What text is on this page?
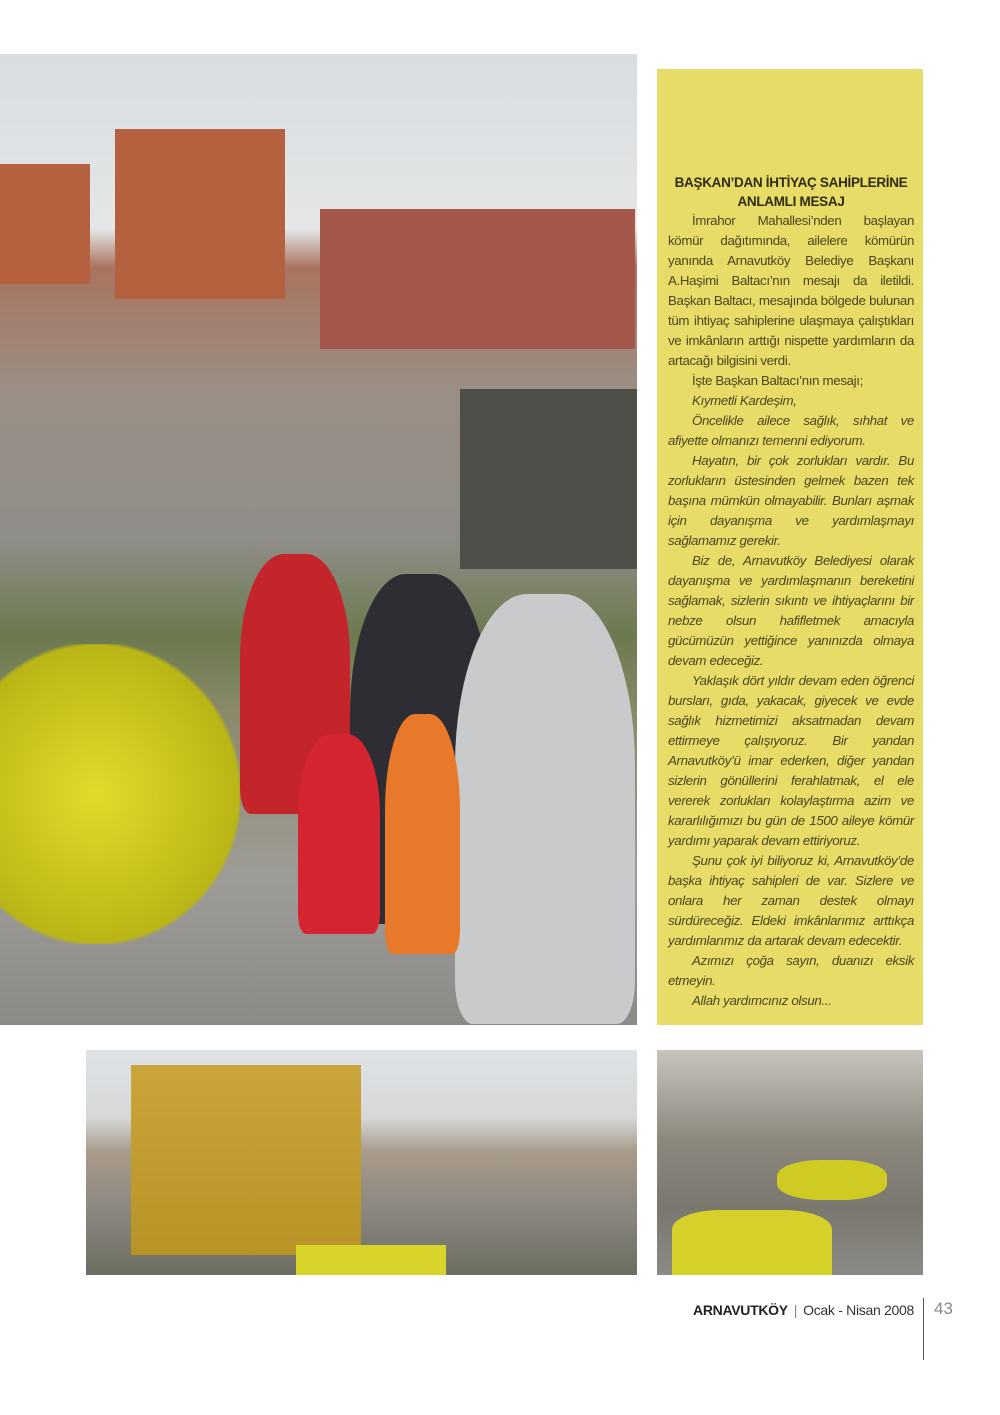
BAŞKAN’DAN İHTİYAÇ SAHİPLERİNE ANLAMLI MESAJ

İmrahor Mahallesi’nden başlayan kömür dağıtımında, ailelere kömürün yanında Arnavutköy Belediye Başkanı A.Haşimi Baltacı’nın mesajı da iletildi. Başkan Baltacı, mesajında bölgede bulunan tüm ihtiyaç sahiplerine ulaşmaya çalıştıkları ve imkânların arttığı nispette yardımların da artacağı bilgisini verdi.

İşte Başkan Baltacı’nın mesajı;

Kıymetli Kardeşim,

Öncelikle ailece sağlık, sıhhat ve afiyette olmanızı temenni ediyorum.

Hayatın, bir çok zorlukları vardır. Bu zorlukların üstesinden gelmek bazen tek başına mümkün olmayabilir. Bunları aşmak için dayanışma ve yardımlaşmayı sağlamamız gerekir.

Biz de, Arnavutköy Belediyesi olarak dayanışma ve yardımlaşmanın bereketini sağlamak, sizlerin sıkıntı ve ihtiyaçlarını bir nebze olsun hafifletmek amacıyla gücümüzün yettiğince yanınızda olmaya devam edeceğiz.

Yaklaşık dört yıldır devam eden öğrenci bursları, gıda, yakacak, giyecek ve evde sağlık hizmetimizi aksatmadan devam ettirmeye çalışıyoruz. Bir yandan Arnavutköy’ü imar ederken, diğer yandan sizlerin gönüllerini ferahlatmak, el ele vererek zorlukları kolaylaştırma azim ve kararlılığımızı bu gün de 1500 aileye kömür yardımı yaparak devam ettiriyoruz.

Şunu çok iyi biliyoruz ki, Arnavutköy’de başka ihtiyaç sahipleri de var. Sizlere ve onlara her zaman destek olmayı sürdüreceğiz. Eldeki imkânlarımız arttıkça yardımlarımız da artarak devam edecektir.

Azımızı çoğa sayın, duanızı eksik etmeyin.

Allah yardımcınız olsun...

ARNAVUTKÖY | Ocak - Nisan 2008 43
